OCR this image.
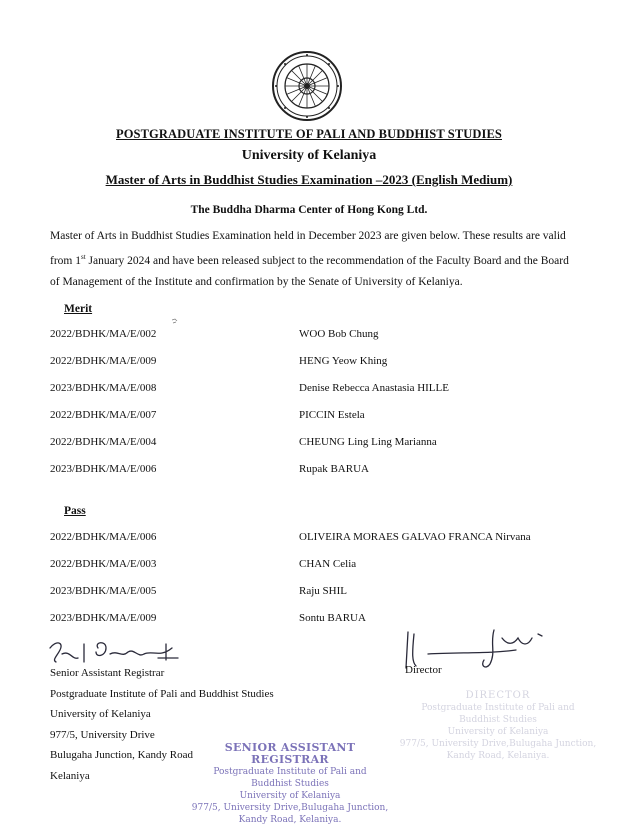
POSTGRADUATE INSTITUTE OF PALI AND BUDDHIST STUDIES
University of Kelaniya
Master of Arts in Buddhist Studies Examination –2023 (English Medium)
The Buddha Dharma Center of Hong Kong Ltd.
Master of Arts in Buddhist Studies Examination held in December 2023 are given below. These results are valid from 1st January 2024 and have been released subject to the recommendation of the Faculty Board and the Board of Management of the Institute and confirmation by the Senate of University of Kelaniya.
Merit
2022/BDHK/MA/E/002	WOO Bob Chung
2022/BDHK/MA/E/009	HENG Yeow Khing
2023/BDHK/MA/E/008	Denise Rebecca Anastasia HILLE
2022/BDHK/MA/E/007	PICCIN Estela
2022/BDHK/MA/E/004	CHEUNG Ling Ling Marianna
2023/BDHK/MA/E/006	Rupak BARUA
Pass
2022/BDHK/MA/E/006	OLIVEIRA MORAES GALVAO FRANCA Nirvana
2022/BDHK/MA/E/003	CHAN Celia
2023/BDHK/MA/E/005	Raju SHIL
2023/BDHK/MA/E/009	Sontu BARUA
Senior Assistant Registrar
Postgraduate Institute of Pali and Buddhist Studies
University of Kelaniya
977/5, University Drive
Bulugaha Junction, Kandy Road
Kelaniya
Director
DIRECTOR
Postgraduate Institute of Pali and
Buddhist Studies
University of Kelaniya
977/5, University Drive,Bulugaha Junction,
Kandy Road, Kelaniya.
SENIOR ASSISTANT REGISTRAR
Postgraduate Institute of Pali and
Buddhist Studies
University of Kelaniya
977/5, University Drive,Bulugaha Junction,
Kandy Road, Kelaniya.
